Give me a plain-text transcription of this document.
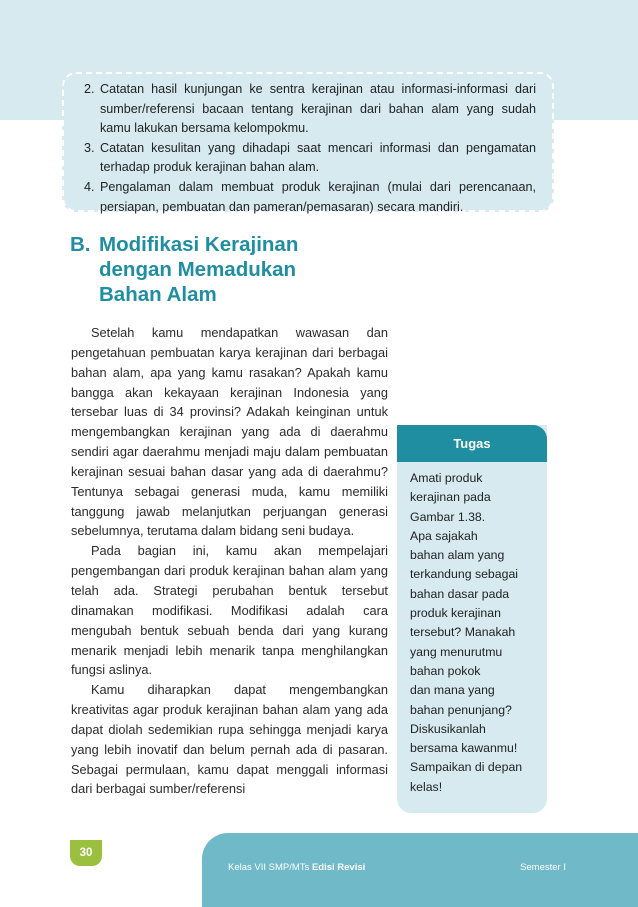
2. Catatan hasil kunjungan ke sentra kerajinan atau informasi-informasi dari sumber/referensi bacaan tentang kerajinan dari bahan alam yang sudah kamu lakukan bersama kelompokmu.
3. Catatan kesulitan yang dihadapi saat mencari informasi dan pengamatan terhadap produk kerajinan bahan alam.
4. Pengalaman dalam membuat produk kerajinan (mulai dari perencanaan, persiapan, pembuatan dan pameran/pemasaran) secara mandiri.
B. Modifikasi Kerajinan
dengan Memadukan
Bahan Alam

Setelah kamu mendapatkan wawasan dan pengetahuan pembuatan karya kerajinan dari berbagai bahan alam, apa yang kamu rasakan? Apakah kamu bangga akan kekayaan kerajinan Indonesia yang tersebar luas di 34 provinsi? Adakah keinginan untuk mengembangkan kerajinan yang ada di daerahmu sendiri agar daerahmu menjadi maju dalam pembuatan kerajinan sesuai bahan dasar yang ada di daerahmu? Tentunya sebagai generasi muda, kamu memiliki tanggung jawab melanjutkan perjuangan generasi sebelumnya, terutama dalam bidang seni budaya.

Pada bagian ini, kamu akan mempelajari pengembangan dari produk kerajinan bahan alam yang telah ada. Strategi perubahan bentuk tersebut dinamakan modifikasi. Modifikasi adalah cara mengubah bentuk sebuah benda dari yang kurang menarik menjadi lebih menarik tanpa menghilangkan fungsi aslinya.

Kamu diharapkan dapat mengembangkan kreativitas agar produk kerajinan bahan alam yang ada dapat diolah sedemikian rupa sehingga menjadi karya yang lebih inovatif dan belum pernah ada di pasaran. Sebagai permulaan, kamu dapat menggali informasi dari berbagai sumber/referensi

Tugas
Amati produk
kerajinan pada
Gambar 1.38.
Apa sajakah
bahan alam yang
terkandung sebagai
bahan dasar pada
produk kerajinan
tersebut? Manakah
yang menurutmu
bahan pokok
dan mana yang
bahan penunjang?
Diskusikanlah
bersama kawanmu!
Sampaikan di depan
kelas!
30
Kelas VII SMP/MTs Edisi Revisi	Semester I
